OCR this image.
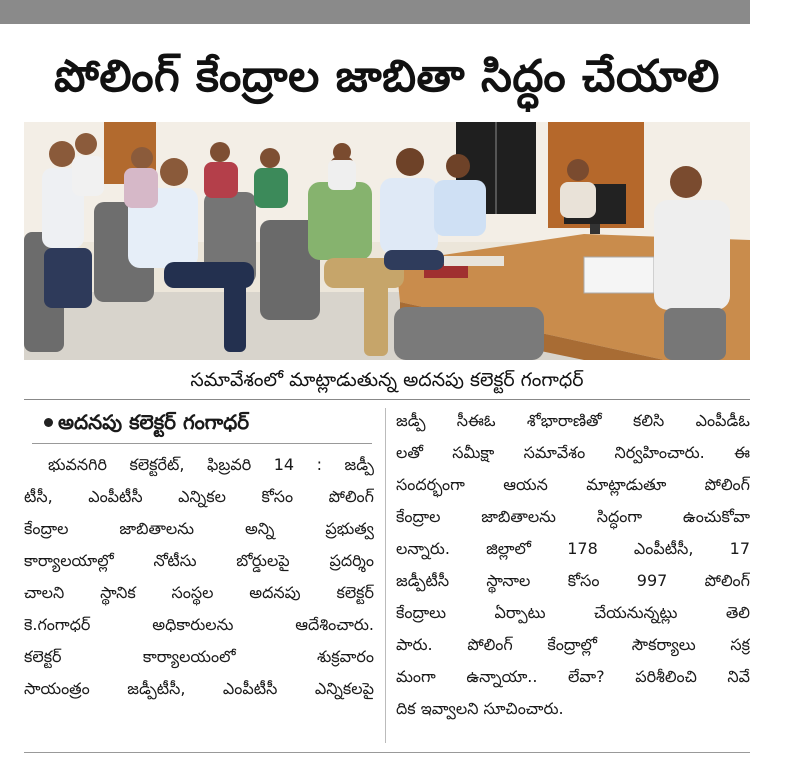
పోలింగ్ కేంద్రాల జాబితా సిద్ధం చేయాలి
సమావేశంలో మాట్లాడుతున్న అదనపు కలెక్టర్ గంగాధర్
అదనపు కలెక్టర్ గంగాధర్
భువనగిరి కలెక్టరేట్, ఫిబ్రవరి 14 : జడ్పీ
టీసీ, ఎంపీటీసీ ఎన్నికల కోసం పోలింగ్
కేంద్రాల జాబితాలను అన్ని ప్రభుత్వ
కార్యాలయాల్లో నోటీసు బోర్డులపై ప్రదర్శిం
చాలని స్థానిక సంస్థల అదనపు కలెక్టర్
కె.గంగాధర్ అధికారులను ఆదేశించారు.
కలెక్టర్ కార్యాలయంలో శుక్రవారం
సాయంత్రం జడ్పీటీసీ, ఎంపీటీసీ ఎన్నికలపై
జడ్పీ సీఈఓ శోభారాణితో కలిసి ఎంపీడీఓ
లతో సమీక్షా సమావేశం నిర్వహించారు. ఈ
సందర్భంగా ఆయన మాట్లాడుతూ పోలింగ్
కేంద్రాల జాబితాలను సిద్ధంగా ఉంచుకోవా
లన్నారు. జిల్లాలో 178 ఎంపీటీసీ, 17
జడ్పీటీసీ స్థానాల కోసం 997 పోలింగ్
కేంద్రాలు ఏర్పాటు చేయనున్నట్లు తెలి
పారు. పోలింగ్ కేంద్రాల్లో సౌకర్యాలు సక్ర
మంగా ఉన్నాయా.. లేవా? పరిశీలించి నివే
దిక ఇవ్వాలని సూచించారు.
